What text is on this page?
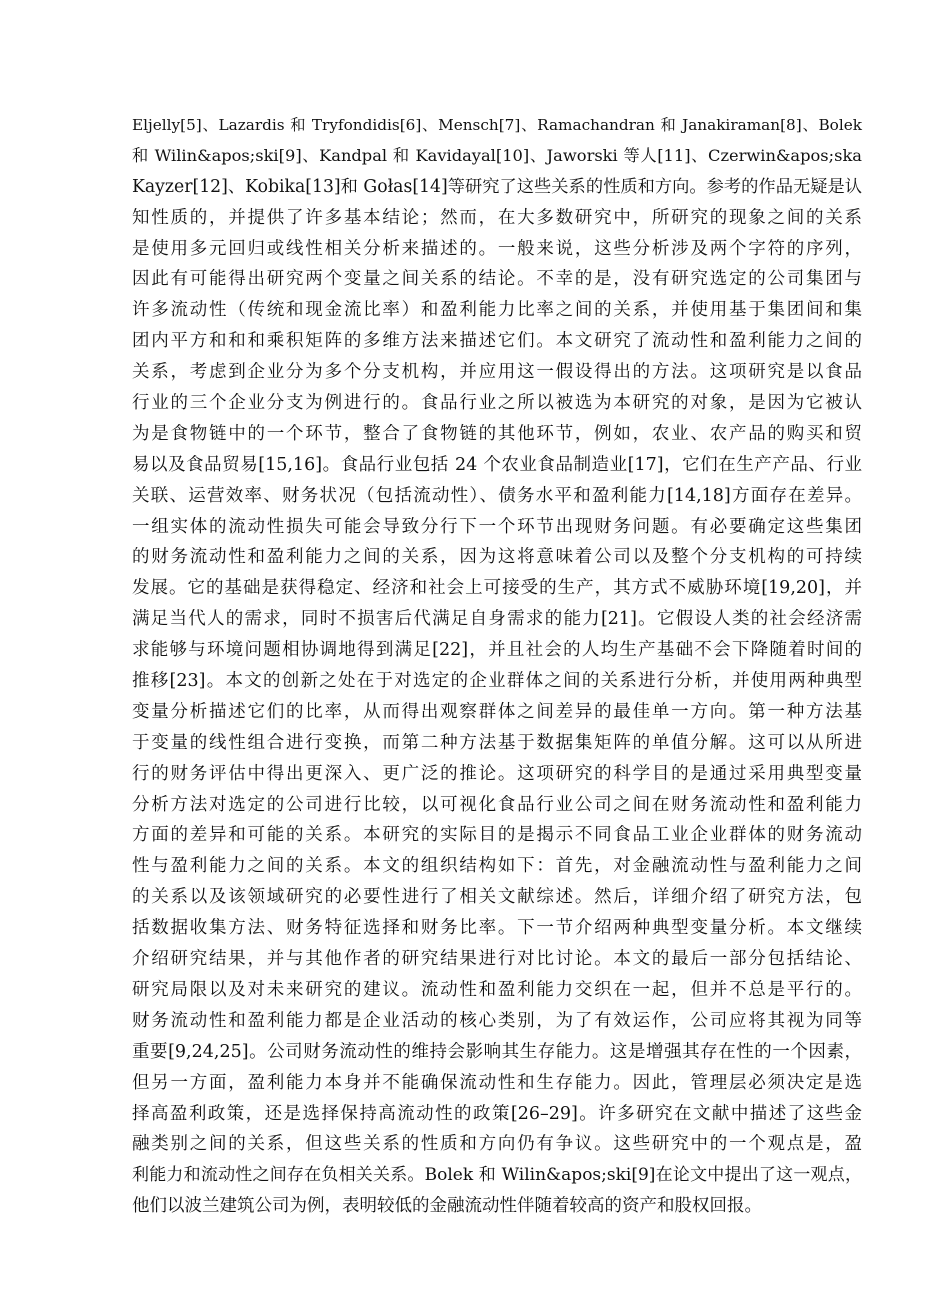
Eljelly[5]、Lazardis 和 Tryfondidis[6]、Mensch[7]、Ramachandran 和 Janakiraman[8]、Bolek
和 Wilin&apos;ski[9]、Kandpal 和 Kavidayal[10]、Jaworski 等人[11]、Czerwin&apos;ska
Kayzer[12]、Kobika[13]和 Gołas[14]等研究了这些关系的性质和方向。参考的作品无疑是认
知性质的，并提供了许多基本结论；然而，在大多数研究中，所研究的现象之间的关系
是使用多元回归或线性相关分析来描述的。一般来说，这些分析涉及两个字符的序列，
因此有可能得出研究两个变量之间关系的结论。不幸的是，没有研究选定的公司集团与
许多流动性（传统和现金流比率）和盈利能力比率之间的关系，并使用基于集团间和集
团内平方和和和乘积矩阵的多维方法来描述它们。本文研究了流动性和盈利能力之间的
关系，考虑到企业分为多个分支机构，并应用这一假设得出的方法。这项研究是以食品
行业的三个企业分支为例进行的。食品行业之所以被选为本研究的对象，是因为它被认
为是食物链中的一个环节，整合了食物链的其他环节，例如，农业、农产品的购买和贸
易以及食品贸易[15,16]。食品行业包括 24 个农业食品制造业[17]，它们在生产产品、行业
关联、运营效率、财务状况（包括流动性）、债务水平和盈利能力[14,18]方面存在差异。
一组实体的流动性损失可能会导致分行下一个环节出现财务问题。有必要确定这些集团
的财务流动性和盈利能力之间的关系，因为这将意味着公司以及整个分支机构的可持续
发展。它的基础是获得稳定、经济和社会上可接受的生产，其方式不威胁环境[19,20]，并
满足当代人的需求，同时不损害后代满足自身需求的能力[21]。它假设人类的社会经济需
求能够与环境问题相协调地得到满足[22]，并且社会的人均生产基础不会下降随着时间的
推移[23]。本文的创新之处在于对选定的企业群体之间的关系进行分析，并使用两种典型
变量分析描述它们的比率，从而得出观察群体之间差异的最佳单一方向。第一种方法基
于变量的线性组合进行变换，而第二种方法基于数据集矩阵的单值分解。这可以从所进
行的财务评估中得出更深入、更广泛的推论。这项研究的科学目的是通过采用典型变量
分析方法对选定的公司进行比较，以可视化食品行业公司之间在财务流动性和盈利能力
方面的差异和可能的关系。本研究的实际目的是揭示不同食品工业企业群体的财务流动
性与盈利能力之间的关系。本文的组织结构如下：首先，对金融流动性与盈利能力之间
的关系以及该领域研究的必要性进行了相关文献综述。然后，详细介绍了研究方法，包
括数据收集方法、财务特征选择和财务比率。下一节介绍两种典型变量分析。本文继续
介绍研究结果，并与其他作者的研究结果进行对比讨论。本文的最后一部分包括结论、
研究局限以及对未来研究的建议。流动性和盈利能力交织在一起，但并不总是平行的。
财务流动性和盈利能力都是企业活动的核心类别，为了有效运作，公司应将其视为同等
重要[9,24,25]。公司财务流动性的维持会影响其生存能力。这是增强其存在性的一个因素，
但另一方面，盈利能力本身并不能确保流动性和生存能力。因此，管理层必须决定是选
择高盈利政策，还是选择保持高流动性的政策[26–29]。许多研究在文献中描述了这些金
融类别之间的关系，但这些关系的性质和方向仍有争议。这些研究中的一个观点是，盈
利能力和流动性之间存在负相关关系。Bolek 和 Wilin&apos;ski[9]在论文中提出了这一观点，
他们以波兰建筑公司为例，表明较低的金融流动性伴随着较高的资产和股权回报。
